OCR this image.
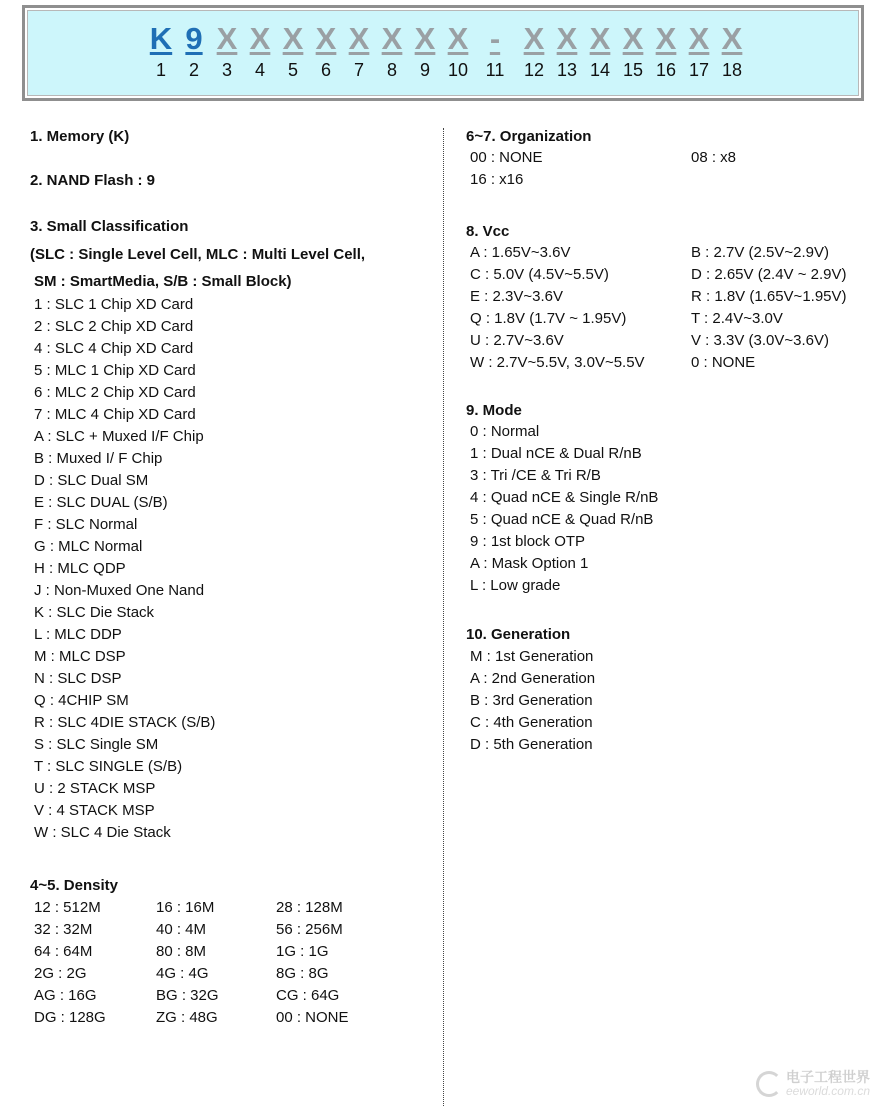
K
1
9
2
X
3
X
4
X
5
X
6
X
7
X
8
X
9
X
10
-
11
X
12
X
13
X
14
X
15
X
16
X
17
X
18

1. Memory (K)

2. NAND Flash : 9

3. Small Classification

(SLC : Single Level Cell, MLC : Multi Level Cell,

SM : SmartMedia, S/B : Small Block)

1 : SLC 1 Chip XD Card
2 : SLC 2 Chip XD Card
4 : SLC 4 Chip XD Card
5 : MLC 1 Chip XD Card
6 : MLC 2 Chip XD Card
7 : MLC 4 Chip XD Card
A : SLC + Muxed I/F Chip
B : Muxed I/ F Chip
D : SLC Dual SM
E : SLC DUAL (S/B)
F : SLC Normal
G : MLC Normal
H : MLC QDP
J : Non-Muxed One Nand
K : SLC Die Stack
L : MLC DDP
M : MLC DSP
N : SLC DSP
Q : 4CHIP SM
R : SLC 4DIE STACK (S/B)
S : SLC Single SM
T : SLC SINGLE (S/B)
U : 2 STACK MSP
V : 4 STACK MSP
W : SLC 4 Die Stack

4~5. Density

12 : 512M	16 : 16M	28 : 128M
32 : 32M	40 : 4M	56 : 256M
64 : 64M	80 : 8M	1G : 1G
2G : 2G	4G : 4G	8G : 8G
AG : 16G	BG : 32G	CG : 64G
DG : 128G	ZG : 48G	00 : NONE

6~7. Organization

00 : NONE	08 : x8
16 : x16	

8. Vcc

A : 1.65V~3.6V	B : 2.7V (2.5V~2.9V)
C : 5.0V (4.5V~5.5V)	D : 2.65V (2.4V ~ 2.9V)
E : 2.3V~3.6V	R : 1.8V (1.65V~1.95V)
Q : 1.8V (1.7V ~ 1.95V)	T : 2.4V~3.0V
U : 2.7V~3.6V	V : 3.3V (3.0V~3.6V)
W : 2.7V~5.5V, 3.0V~5.5V	0 : NONE

9. Mode

0 : Normal
1 : Dual nCE & Dual R/nB
3 : Tri /CE & Tri R/B
4 : Quad nCE & Single R/nB
5 : Quad nCE & Quad R/nB
9 : 1st block OTP
A : Mask Option 1
L : Low grade

10. Generation

M : 1st Generation
A : 2nd Generation
B : 3rd Generation
C : 4th Generation
D : 5th Generation
电子工程世界
eeworld.com.cn
